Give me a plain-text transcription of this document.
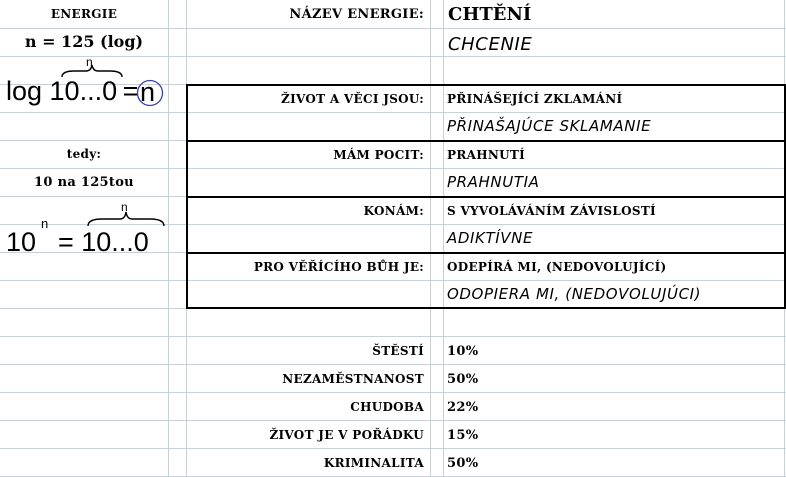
ENERGIE
n = 125 (log)
log 10...0 =
n
n
tedy:
10 na 125tou
10
n
= 10...0
n
NÁZEV ENERGIE: CHTĚNÍ
CHCENIE
ŽIVOT A VĚCI JSOU: PŘINÁŠEJÍCÍ ZKLAMÁNÍ
PŘINAŠAJÚCE SKLAMANIE
MÁM POCIT: PRAHNUTÍ
PRAHNUTIA
KONÁM: S VYVOLÁVÁNÍM ZÁVISLOSTÍ
ADIKTÍVNE
PRO VĚŘÍCÍHO BŮH JE: ODEPÍRÁ MI, (NEDOVOLUJÍCÍ)
ODOPIERA MI, (NEDOVOLUJÚCI)
ŠTĚSTÍ 10%
NEZAMĚSTNANOST 50%
CHUDOBA 22%
ŽIVOT JE V POŘÁDKU 15%
KRIMINALITA 50%
